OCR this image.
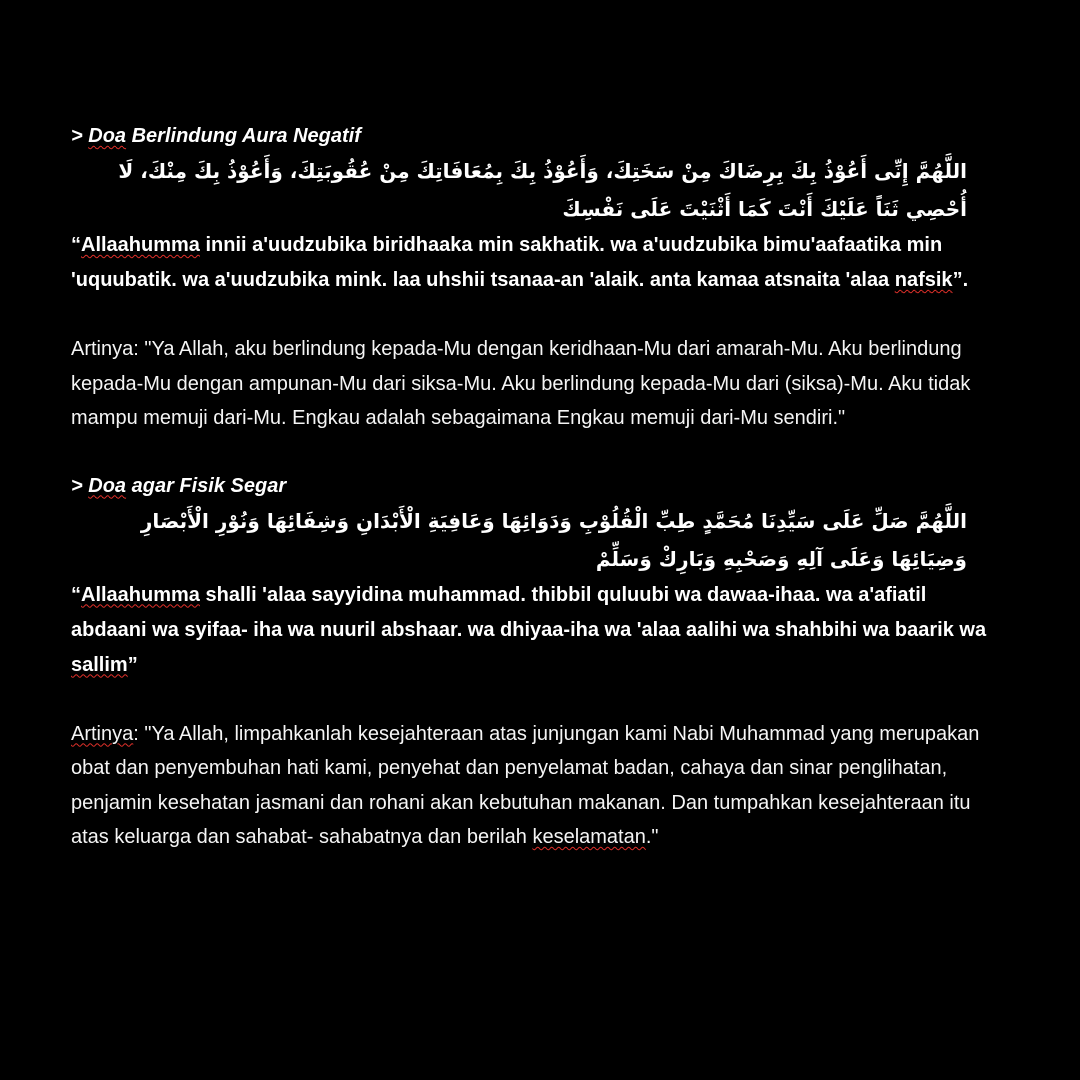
> Doa Berlindung Aura Negatif

اللَّهُمَّ إِنِّى أَعُوْذُ بِكَ بِرِضَاكَ مِنْ سَخَتِكَ، وَأَعُوْذُ بِكَ بِمُعَافَاتِكَ مِنْ عُقُوبَتِكَ، وَأَعُوْذُ بِكَ مِنْكَ، لَا أُحْصِي ثَنَاً عَلَيْكَ أَنْتَ كَمَا أَثْنَيْتَ عَلَى نَفْسِكَ

“Allaahumma innii a'uudzubika biridhaaka min sakhatik. wa a'uudzubika bimu'aafaatika min 'uquubatik. wa a'uudzubika mink. laa uhshii tsanaa-an 'alaik. anta kamaa atsnaita 'alaa nafsik”.

Artinya: "Ya Allah, aku berlindung kepada-Mu dengan keridhaan-Mu dari amarah-Mu. Aku berlindung kepada-Mu dengan ampunan-Mu dari siksa-Mu. Aku berlindung kepada-Mu dari (siksa)-Mu. Aku tidak mampu memuji dari-Mu. Engkau adalah sebagaimana Engkau memuji dari-Mu sendiri."

> Doa agar Fisik Segar

اللَّهُمَّ صَلِّ عَلَى سَيِّدِنَا مُحَمَّدٍ طِبِّ الْقُلُوْبِ وَدَوَائِهَا وَعَافِيَةِ الْأَبْدَانِ وَشِفَائِهَا وَنُوْرِ الْأَبْصَارِ وَضِيَائِهَا وَعَلَى آلِهِ وَصَحْبِهِ وَبَارِكْ وَسَلِّمْ

“Allaahumma shalli 'alaa sayyidina muhammad. thibbil quluubi wa dawaa-ihaa. wa a'afiatil abdaani wa syifaa- iha wa nuuril abshaar. wa dhiyaa-iha wa 'alaa aalihi wa shahbihi wa baarik wa sallim”

Artinya: "Ya Allah, limpahkanlah kesejahteraan atas junjungan kami Nabi Muhammad yang merupakan obat dan penyembuhan hati kami, penyehat dan penyelamat badan, cahaya dan sinar penglihatan, penjamin kesehatan jasmani dan rohani akan kebutuhan makanan. Dan tumpahkan kesejahteraan itu atas keluarga dan sahabat- sahabatnya dan berilah keselamatan."
